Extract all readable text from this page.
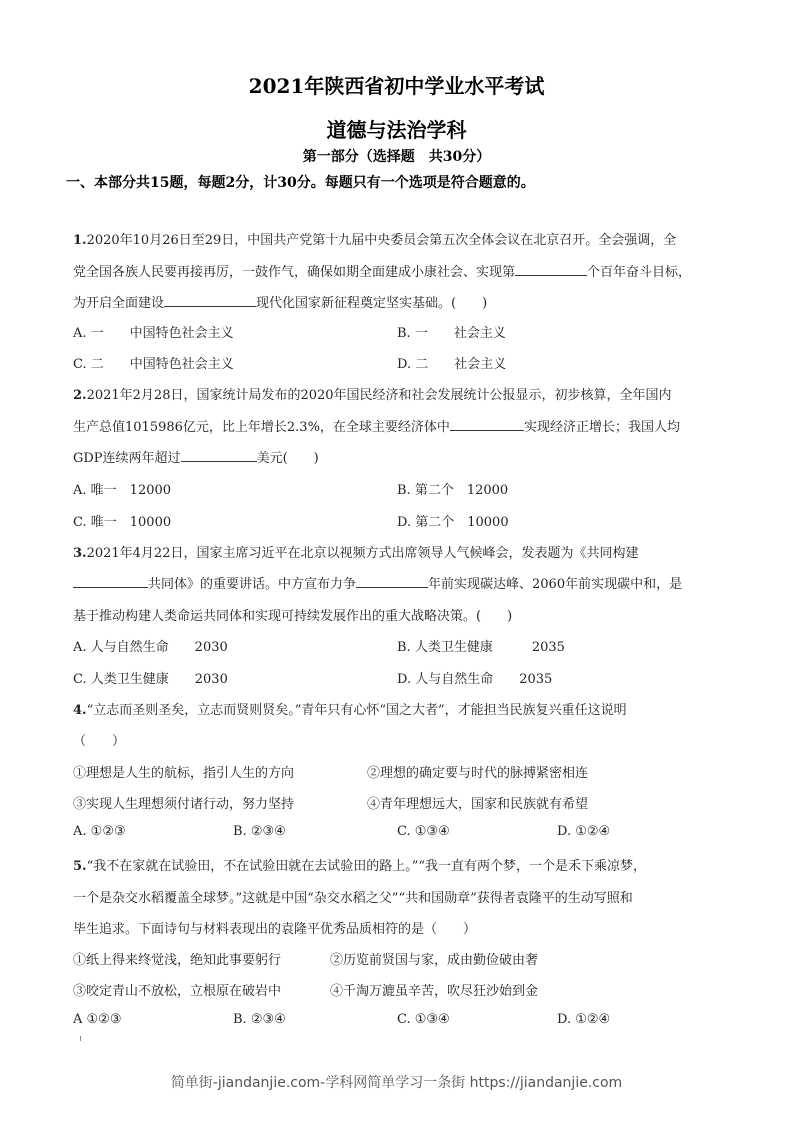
2021年陕西省初中学业水平考试
道德与法治学科
第一部分（选择题　共30分）
一、本部分共15题，每题2分，计30分。每题只有一个选项是符合题意的。
1.2020年10月26日至29日，中国共产党第十九届中央委员会第五次全体会议在北京召开。全会强调，全
党全国各族人民要再接再厉，一鼓作气，确保如期全面建成小康社会、实现第	个百年奋斗目标，
为开启全面建设	现代化国家新征程奠定坚实基础。(　　)
A. 一　　中国特色社会主义	B. 一　　社会主义
C. 二　　中国特色社会主义	D. 二　　社会主义
2.2021年2月28日，国家统计局发布的2020年国民经济和社会发展统计公报显示，初步核算，全年国内
生产总值1015986亿元，比上年增长2.3%，在全球主要经济体中	实现经济正增长；我国人均
GDP连续两年超过	美元(　　)
A. 唯一　12000	B. 第二个　12000
C. 唯一　10000	D. 第二个　10000
3.2021年4月22日，国家主席习近平在北京以视频方式出席领导人气候峰会，发表题为《共同构建
共同体》的重要讲话。中方宣布力争	年前实现碳达峰、2060年前实现碳中和，是
基于推动构建人类命运共同体和实现可持续发展作出的重大战略决策。(　　)
A. 人与自然生命　　2030	B. 人类卫生健康　　　2035
C. 人类卫生健康　　2030	D. 人与自然生命　　2035
4.“立志而圣则圣矣，立志而贤则贤矣。”青年只有心怀“国之大者”，才能担当民族复兴重任这说明
（　　）
①理想是人生的航标，指引人生的方向	②理想的确定要与时代的脉搏紧密相连
③实现人生理想须付诸行动，努力坚持	④青年理想远大，国家和民族就有希望
A. ①②③	B. ②③④	C. ①③④	D. ①②④
5.“我不在家就在试验田，不在试验田就在去试验田的路上。”“我一直有两个梦，一个是禾下乘凉梦，
一个是杂交水稻覆盖全球梦。”这就是中国“杂交水稻之父”“共和国勋章”获得者袁隆平的生动写照和
毕生追求。下面诗句与材料表现出的袁隆平优秀品质相符的是（　　）
①纸上得来终觉浅，绝知此事要躬行	②历览前贤国与家，成由勤俭破由奢
③咬定青山不放松，立根原在破岩中	④千淘万漉虽辛苦，吹尽狂沙始到金
A ①②③	B. ②③④	C. ①③④	D. ①②④
简单街-jiandanjie.com-学科网简单学习一条街 https://jiandanjie.com
